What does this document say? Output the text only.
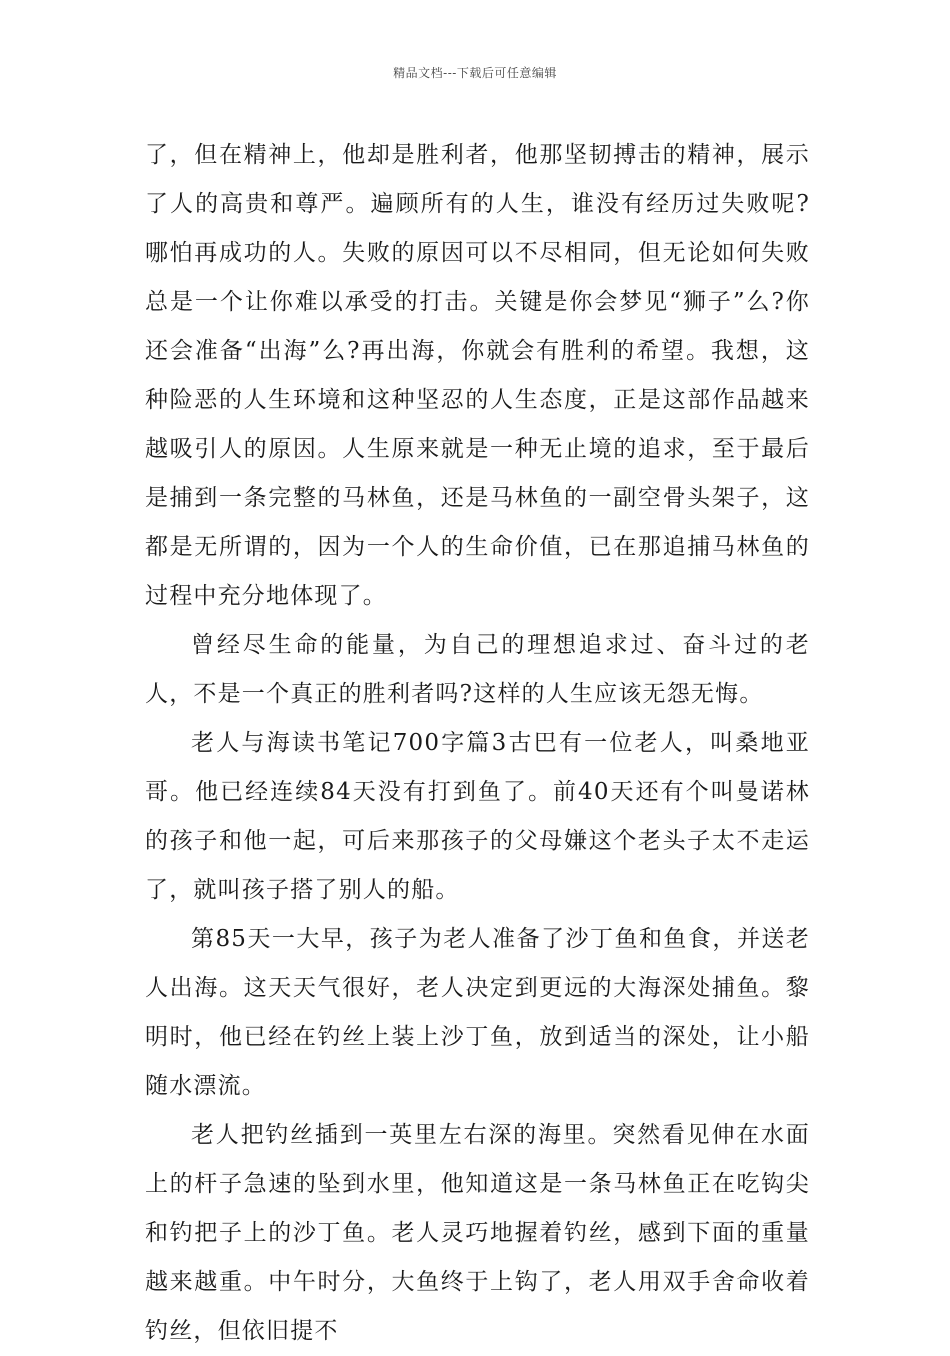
精品文档---下载后可任意编辑

了，但在精神上，他却是胜利者，他那坚韧搏击的精神，展示了人的高贵和尊严。遍顾所有的人生，谁没有经历过失败呢?哪怕再成功的人。失败的原因可以不尽相同，但无论如何失败总是一个让你难以承受的打击。关键是你会梦见“狮子”么?你还会准备“出海”么?再出海，你就会有胜利的希望。我想，这种险恶的人生环境和这种坚忍的人生态度，正是这部作品越来越吸引人的原因。人生原来就是一种无止境的追求，至于最后是捕到一条完整的马林鱼，还是马林鱼的一副空骨头架子，这都是无所谓的，因为一个人的生命价值，已在那追捕马林鱼的过程中充分地体现了。

曾经尽生命的能量，为自己的理想追求过、奋斗过的老人，不是一个真正的胜利者吗?这样的人生应该无怨无悔。

老人与海读书笔记700字篇3古巴有一位老人，叫桑地亚哥。他已经连续84天没有打到鱼了。前40天还有个叫曼诺林的孩子和他一起，可后来那孩子的父母嫌这个老头子太不走运了，就叫孩子搭了别人的船。

第85天一大早，孩子为老人准备了沙丁鱼和鱼食，并送老人出海。这天天气很好，老人决定到更远的大海深处捕鱼。黎明时，他已经在钓丝上装上沙丁鱼，放到适当的深处，让小船随水漂流。

老人把钓丝插到一英里左右深的海里。突然看见伸在水面上的杆子急速的坠到水里，他知道这是一条马林鱼正在吃钩尖和钓把子上的沙丁鱼。老人灵巧地握着钓丝，感到下面的重量越来越重。中午时分，大鱼终于上钩了，老人用双手舍命收着钓丝，但依旧提不
